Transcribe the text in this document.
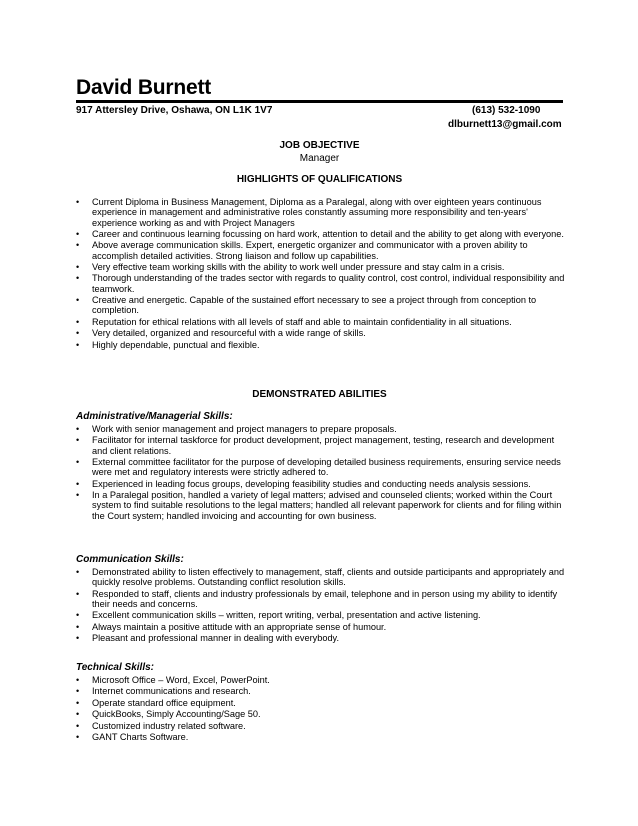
David Burnett
917 Attersley Drive, Oshawa, ON L1K 1V7	(613) 532-1090
dlburnett13@gmail.com
JOB OBJECTIVE
Manager
HIGHLIGHTS OF QUALIFICATIONS
• Current Diploma in Business Management, Diploma as a Paralegal, along with over eighteen years continuous experience in management and administrative roles constantly assuming more responsibility and ten-years' experience working as and with Project Managers
• Career and continuous learning focussing on hard work, attention to detail and the ability to get along with everyone.
• Above average communication skills. Expert, energetic organizer and communicator with a proven ability to accomplish detailed activities. Strong liaison and follow up capabilities.
• Very effective team working skills with the ability to work well under pressure and stay calm in a crisis.
• Thorough understanding of the trades sector with regards to quality control, cost control, individual responsibility and teamwork.
• Creative and energetic. Capable of the sustained effort necessary to see a project through from conception to completion.
• Reputation for ethical relations with all levels of staff and able to maintain confidentiality in all situations.
• Very detailed, organized and resourceful with a wide range of skills.
• Highly dependable, punctual and flexible.
DEMONSTRATED ABILITIES
Administrative/Managerial Skills:
• Work with senior management and project managers to prepare proposals.
• Facilitator for internal taskforce for product development, project management, testing, research and development and client relations.
• External committee facilitator for the purpose of developing detailed business requirements, ensuring service needs were met and regulatory interests were strictly adhered to.
• Experienced in leading focus groups, developing feasibility studies and conducting needs analysis sessions.
• In a Paralegal position, handled a variety of legal matters; advised and counseled clients; worked within the Court system to find suitable resolutions to the legal matters; handled all relevant paperwork for clients and for filing within the Court system; handled invoicing and accounting for own business.
Communication Skills:
• Demonstrated ability to listen effectively to management, staff, clients and outside participants and appropriately and quickly resolve problems. Outstanding conflict resolution skills.
• Responded to staff, clients and industry professionals by email, telephone and in person using my ability to identify their needs and concerns.
• Excellent communication skills – written, report writing, verbal, presentation and active listening.
• Always maintain a positive attitude with an appropriate sense of humour.
• Pleasant and professional manner in dealing with everybody.
Technical Skills:
• Microsoft Office – Word, Excel, PowerPoint.
• Internet communications and research.
• Operate standard office equipment.
• QuickBooks, Simply Accounting/Sage 50.
• Customized industry related software.
• GANT Charts Software.
